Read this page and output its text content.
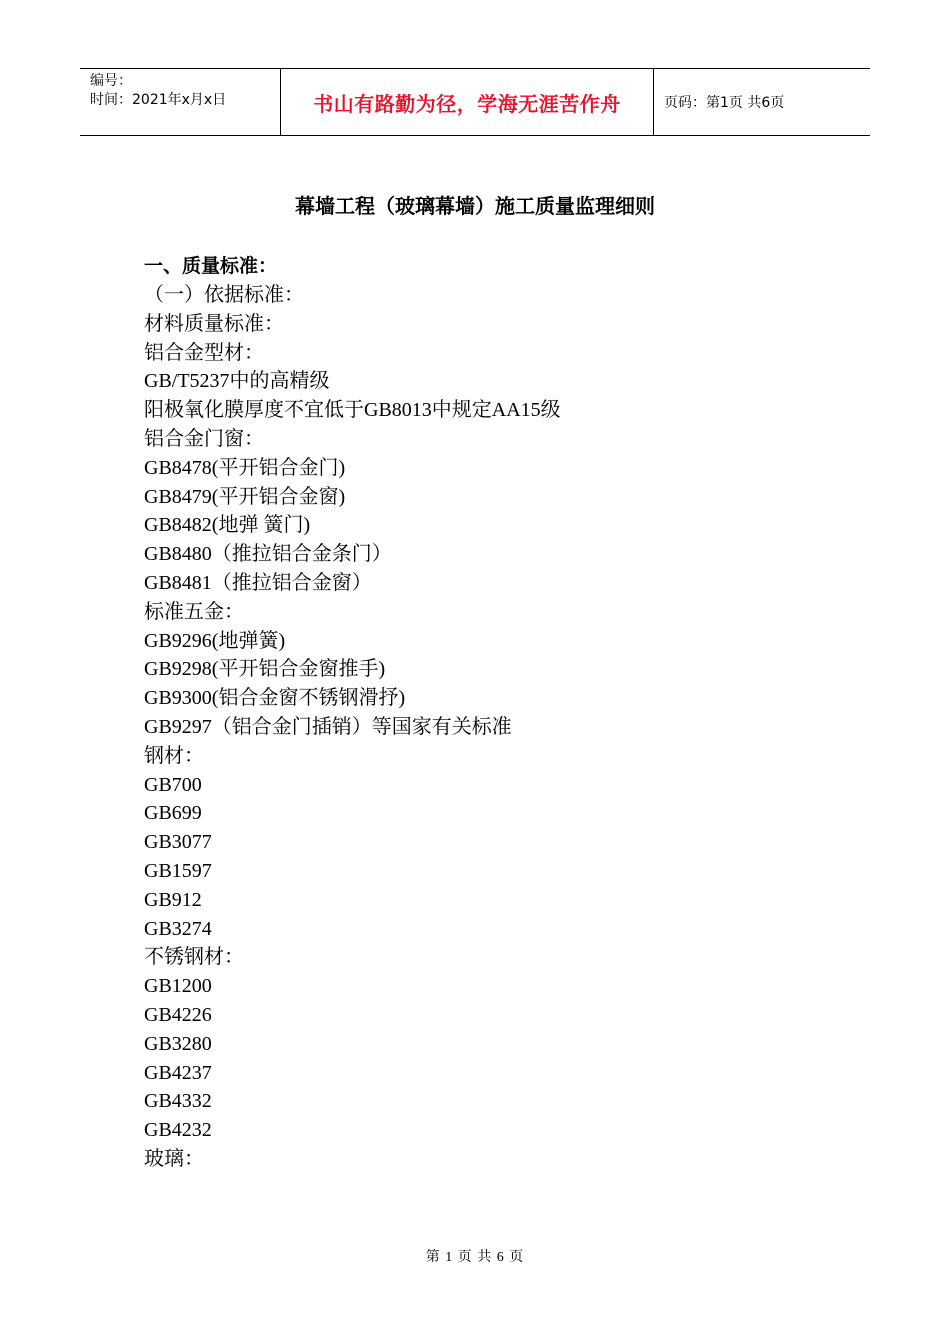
编号：
时间：2021年x月x日	书山有路勤为径，学海无涯苦作舟	页码：第1页 共6页
幕墙工程（玻璃幕墙）施工质量监理细则
一、质量标准：
（一）依据标准：
材料质量标准：
铝合金型材：
GB/T5237中的高精级
阳极氧化膜厚度不宜低于GB8013中规定AA15级
铝合金门窗：
GB8478(平开铝合金门)
GB8479(平开铝合金窗)
GB8482(地弹 簧门)
GB8480（推拉铝合金条门）
GB8481（推拉铝合金窗）
标准五金：
GB9296(地弹簧)
GB9298(平开铝合金窗推手)
GB9300(铝合金窗不锈钢滑抒)
GB9297（铝合金门插销）等国家有关标准
钢材：
GB700
GB699
GB3077
GB1597
GB912
GB3274
不锈钢材：
GB1200
GB4226
GB3280
GB4237
GB4332
GB4232
玻璃：
第 1 页 共 6 页
